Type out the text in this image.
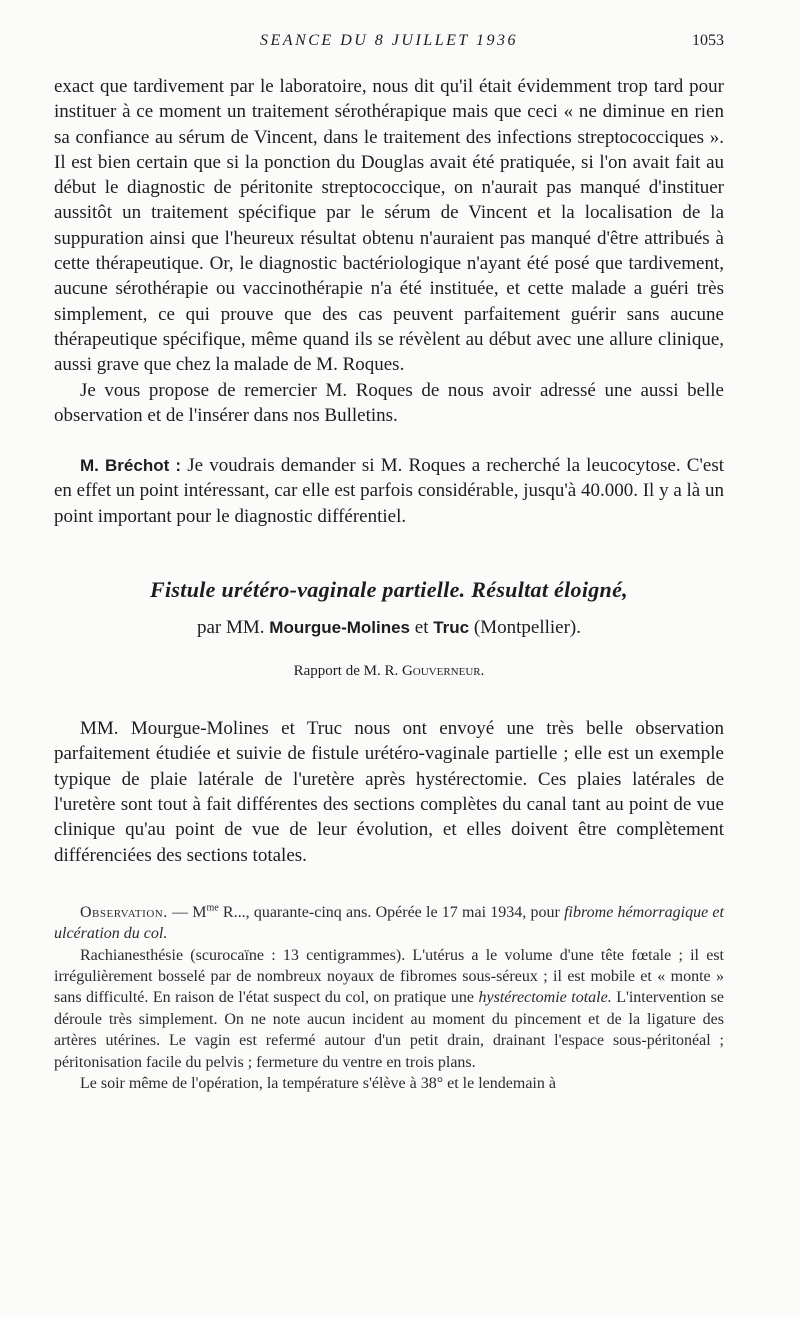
SEANCE DU 8 JUILLET 1936	1053

exact que tardivement par le laboratoire, nous dit qu'il était évidemment trop tard pour instituer à ce moment un traitement sérothérapique mais que ceci « ne diminue en rien sa confiance au sérum de Vincent, dans le traitement des infections streptococciques ». Il est bien certain que si la ponction du Douglas avait été pratiquée, si l'on avait fait au début le diagnostic de péritonite streptococcique, on n'aurait pas manqué d'instituer aussitôt un traitement spécifique par le sérum de Vincent et la localisation de la suppuration ainsi que l'heureux résultat obtenu n'auraient pas manqué d'être attribués à cette thérapeutique. Or, le diagnostic bactériologique n'ayant été posé que tardivement, aucune sérothérapie ou vaccinothérapie n'a été instituée, et cette malade a guéri très simplement, ce qui prouve que des cas peuvent parfaitement guérir sans aucune thérapeutique spécifique, même quand ils se révèlent au début avec une allure clinique, aussi grave que chez la malade de M. Roques.

Je vous propose de remercier M. Roques de nous avoir adressé une aussi belle observation et de l'insérer dans nos Bulletins.

M. Bréchot : Je voudrais demander si M. Roques a recherché la leucocytose. C'est en effet un point intéressant, car elle est parfois considérable, jusqu'à 40.000. Il y a là un point important pour le diagnostic différentiel.

Fistule urétéro-vaginale partielle. Résultat éloigné,
par MM. Mourgue-Molines et Truc (Montpellier).
Rapport de M. R. Gouverneur.

MM. Mourgue-Molines et Truc nous ont envoyé une très belle observation parfaitement étudiée et suivie de fistule urétéro-vaginale partielle ; elle est un exemple typique de plaie latérale de l'uretère après hystérectomie. Ces plaies latérales de l'uretère sont tout à fait différentes des sections complètes du canal tant au point de vue clinique qu'au point de vue de leur évolution, et elles doivent être complètement différenciées des sections totales.

Observation. — $M^{me}$ R..., quarante-cinq ans. Opérée le 17 mai 1934, pour fibrome hémorragique et ulcération du col.

Rachianesthésie (scurocaïne : 13 centigrammes). L'utérus a le volume d'une tête fœtale ; il est irrégulièrement bosselé par de nombreux noyaux de fibromes sous-séreux ; il est mobile et « monte » sans difficulté. En raison de l'état suspect du col, on pratique une hystérectomie totale. L'intervention se déroule très simplement. On ne note aucun incident au moment du pincement et de la ligature des artères utérines. Le vagin est refermé autour d'un petit drain, drainant l'espace sous-péritonéal ; péritonisation facile du pelvis ; fermeture du ventre en trois plans.

Le soir même de l'opération, la température s'élève à 38° et le lendemain à
